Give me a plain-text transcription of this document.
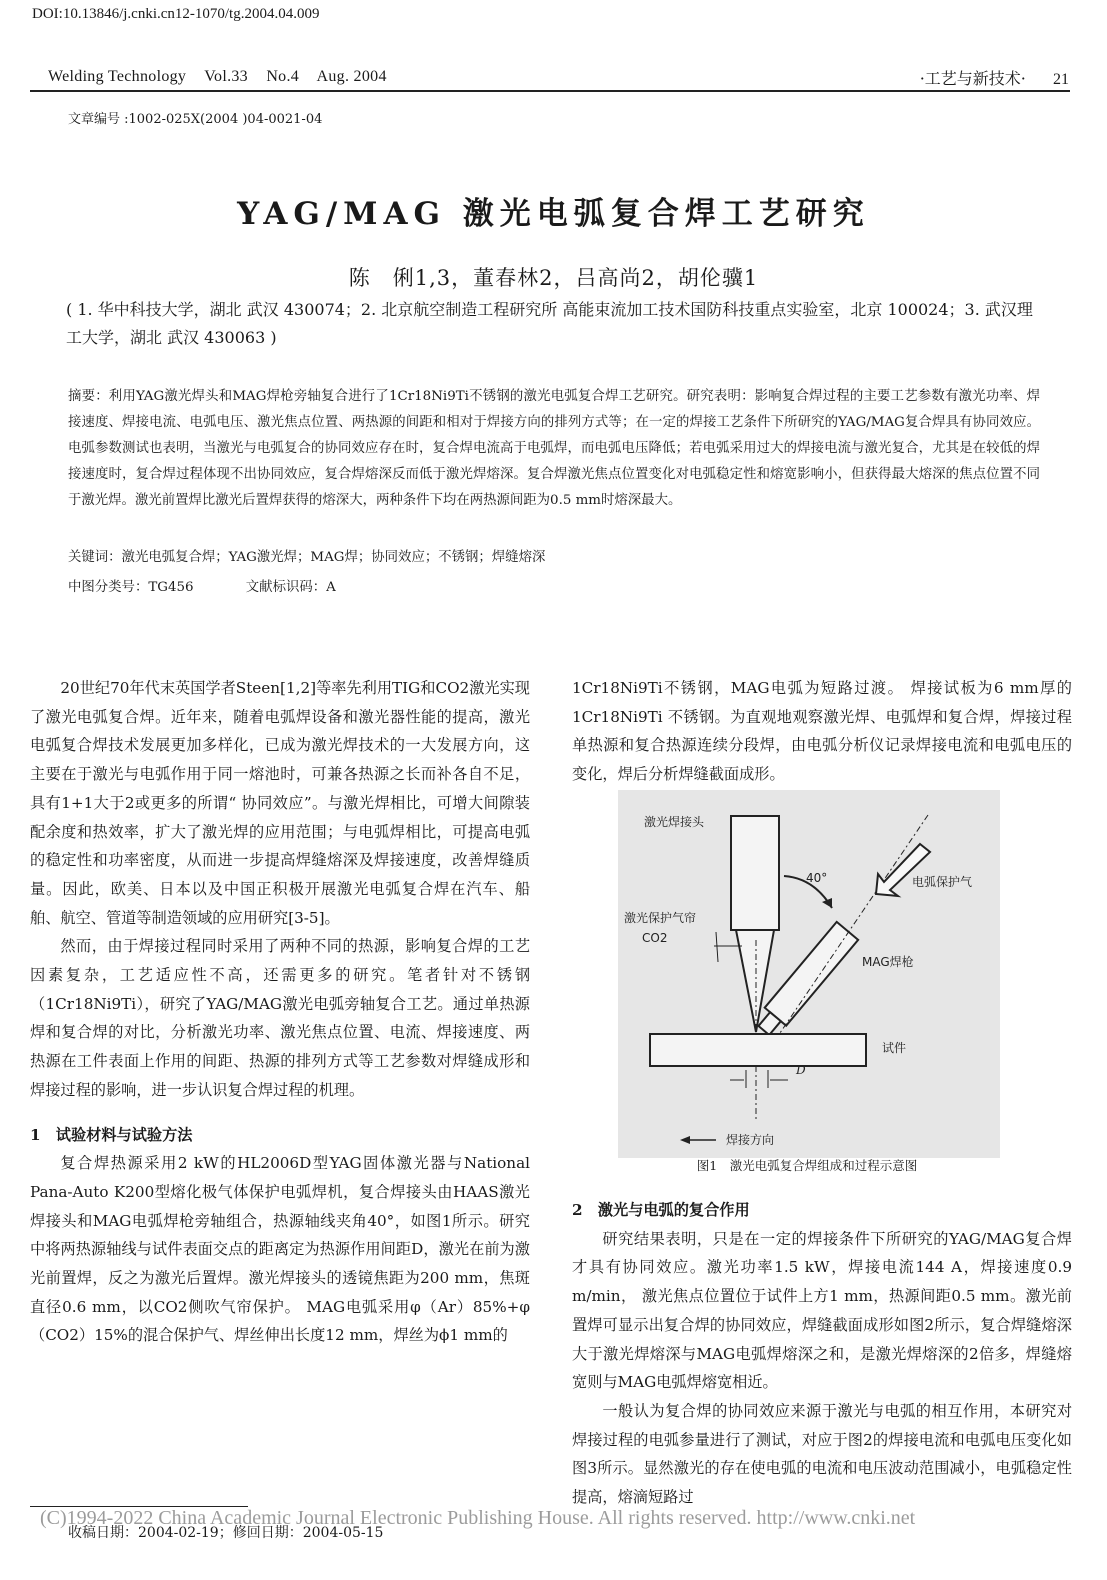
DOI:10.13846/j.cnki.cn12-1070/tg.2004.04.009
Welding Technology Vol.33 No.4 Aug. 2004	·工艺与新技术· 21
文章编号 :1002-025X(2004 )04-0021-04
YAG/MAG 激光电弧复合焊工艺研究
陈　俐1,3，董春林2，吕高尚2，胡伦骥1
( 1. 华中科技大学，湖北 武汉 430074；2. 北京航空制造工程研究所 高能束流加工技术国防科技重点实验室，北京 100024；3. 武汉理工大学，湖北 武汉 430063 )
摘要：利用YAG激光焊头和MAG焊枪旁轴复合进行了1Cr18Ni9Ti不锈钢的激光电弧复合焊工艺研究。研究表明：影响复合焊过程的主要工艺参数有激光功率、焊接速度、焊接电流、电弧电压、激光焦点位置、两热源的间距和相对于焊接方向的排列方式等；在一定的焊接工艺条件下所研究的YAG/MAG复合焊具有协同效应。电弧参数测试也表明，当激光与电弧复合的协同效应存在时，复合焊电流高于电弧焊，而电弧电压降低；若电弧采用过大的焊接电流与激光复合，尤其是在较低的焊接速度时，复合焊过程体现不出协同效应，复合焊熔深反而低于激光焊熔深。复合焊激光焦点位置变化对电弧稳定性和熔宽影响小，但获得最大熔深的焦点位置不同于激光焊。激光前置焊比激光后置焊获得的熔深大，两种条件下均在两热源间距为0.5 mm时熔深最大。
关键词：激光电弧复合焊；YAG激光焊；MAG焊；协同效应；不锈钢；焊缝熔深
中图分类号：TG456	文献标识码：A

20世纪70年代末英国学者Steen[1,2]等率先利用TIG和CO2激光实现了激光电弧复合焊。近年来，随着电弧焊设备和激光器性能的提高，激光电弧复合焊技术发展更加多样化，已成为激光焊技术的一大发展方向，这主要在于激光与电弧作用于同一熔池时，可兼各热源之长而补各自不足，具有1+1大于2或更多的所谓“ 协同效应”。与激光焊相比，可增大间隙装配余度和热效率，扩大了激光焊的应用范围；与电弧焊相比，可提高电弧的稳定性和功率密度，从而进一步提高焊缝熔深及焊接速度，改善焊缝质量。因此，欧美、日本以及中国正积极开展激光电弧复合焊在汽车、船舶、航空、管道等制造领域的应用研究[3-5]。

然而，由于焊接过程同时采用了两种不同的热源，影响复合焊的工艺因素复杂，工艺适应性不高，还需更多的研究。笔者针对不锈钢（1Cr18Ni9Ti），研究了YAG/MAG激光电弧旁轴复合工艺。通过单热源焊和复合焊的对比，分析激光功率、激光焦点位置、电流、焊接速度、两热源在工件表面上作用的间距、热源的排列方式等工艺参数对焊缝成形和焊接过程的影响，进一步认识复合焊过程的机理。

1　试验材料与试验方法

复合焊热源采用2 kW的HL2006D型YAG固体激光器与National Pana-Auto K200型熔化极气体保护电弧焊机，复合焊接头由HAAS激光焊接头和MAG电弧焊枪旁轴组合，热源轴线夹角40°，如图1所示。研究中将两热源轴线与试件表面交点的距离定为热源作用间距D，激光在前为激光前置焊，反之为激光后置焊。激光焊接头的透镜焦距为200 mm，焦斑直径0.6 mm，以CO2侧吹气帘保护。 MAG电弧采用φ（Ar）85%+φ（CO2）15%的混合保护气、焊丝伸出长度12 mm，焊丝为ϕ1 mm的

1Cr18Ni9Ti不锈钢，MAG电弧为短路过渡。 焊接试板为6 mm厚的1Cr18Ni9Ti 不锈钢。为直观地观察激光焊、电弧焊和复合焊，焊接过程单热源和复合热源连续分段焊，由电弧分析仪记录焊接电流和电弧电压的变化，焊后分析焊缝截面成形。

激光焊接头
40°	电弧保护气
激光保护气帘
CO2
MAG焊枪
试件
D
焊接方向
图1　激光电弧复合焊组成和过程示意图

2　激光与电弧的复合作用

研究结果表明，只是在一定的焊接条件下所研究的YAG/MAG复合焊才具有协同效应。激光功率1.5 kW，焊接电流144 A，焊接速度0.9 m/min， 激光焦点位置位于试件上方1 mm，热源间距0.5 mm。激光前置焊可显示出复合焊的协同效应，焊缝截面成形如图2所示，复合焊缝熔深大于激光焊熔深与MAG电弧焊熔深之和，是激光焊熔深的2倍多，焊缝熔宽则与MAG电弧焊熔宽相近。

一般认为复合焊的协同效应来源于激光与电弧的相互作用，本研究对焊接过程的电弧参量进行了测试，对应于图2的焊接电流和电弧电压变化如图3所示。显然激光的存在使电弧的电流和电压波动范围减小，电弧稳定性提高，熔滴短路过

收稿日期：2004-02-19；修回日期：2004-05-15
(C)1994-2022 China Academic Journal Electronic Publishing House. All rights reserved. http://www.cnki.net
